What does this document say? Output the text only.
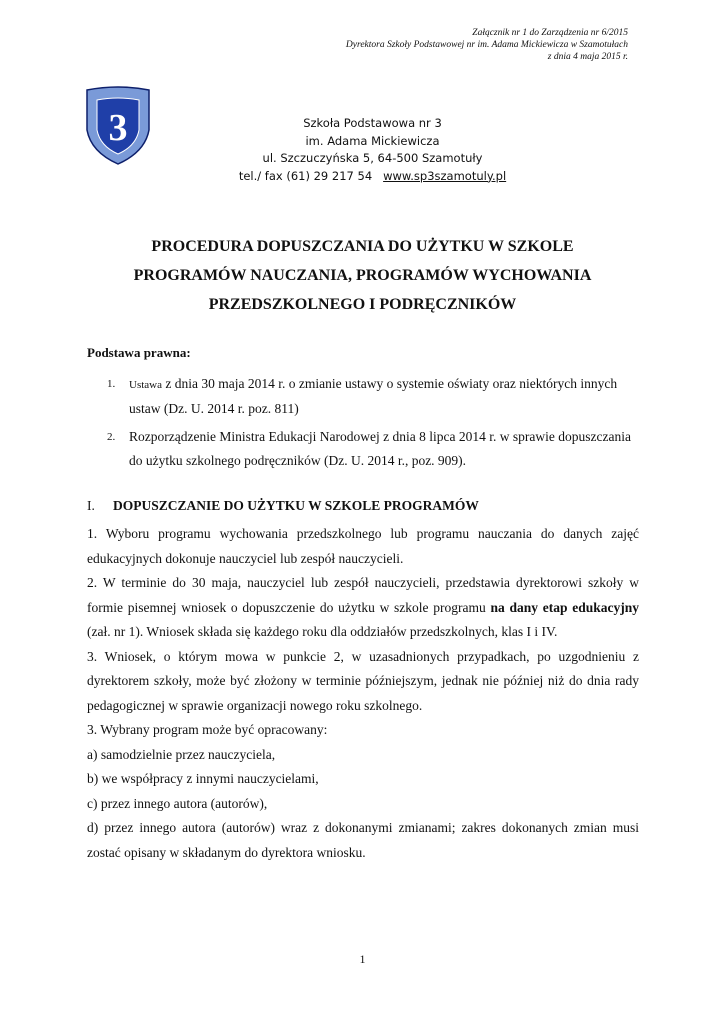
Załącznik nr 1 do Zarządzenia nr 6/2015
Dyrektora Szkoły Podstawowej nr im. Adama Mickiewicza w Szamotułach
z dnia 4 maja 2015 r.
3	Szkoła Podstawowa nr 3
im. Adama Mickiewicza
ul. Szczuczyńska 5, 64-500 Szamotuły
tel./ fax (61) 29 217 54 www.sp3szamotuly.pl
PROCEDURA DOPUSZCZANIA DO UŻYTKU W SZKOLE
PROGRAMÓW NAUCZANIA, PROGRAMÓW WYCHOWANIA
PRZEDSZKOLNEGO I PODRĘCZNIKÓW
Podstawa prawna:
1. Ustawa z dnia 30 maja 2014 r. o zmianie ustawy o systemie oświaty oraz niektórych innych ustaw (Dz. U. 2014 r. poz. 811)
2. Rozporządzenie Ministra Edukacji Narodowej z dnia 8 lipca 2014 r. w sprawie dopuszczania do użytku szkolnego podręczników (Dz. U. 2014 r., poz. 909).
I. DOPUSZCZANIE DO UŻYTKU W SZKOLE PROGRAMÓW

1. Wyboru programu wychowania przedszkolnego lub programu nauczania do danych zajęć edukacyjnych dokonuje nauczyciel lub zespół nauczycieli.

2. W terminie do 30 maja, nauczyciel lub zespół nauczycieli, przedstawia dyrektorowi szkoły w formie pisemnej wniosek o dopuszczenie do użytku w szkole programu na dany etap edukacyjny (zał. nr 1). Wniosek składa się każdego roku dla oddziałów przedszkolnych, klas I i IV.

3. Wniosek, o którym mowa w punkcie 2, w uzasadnionych przypadkach, po uzgodnieniu z dyrektorem szkoły, może być złożony w terminie późniejszym, jednak nie później niż do dnia rady pedagogicznej w sprawie organizacji nowego roku szkolnego.

3. Wybrany program może być opracowany:

a) samodzielnie przez nauczyciela,

b) we współpracy z innymi nauczycielami,

c) przez innego autora (autorów),

d) przez innego autora (autorów) wraz z dokonanymi zmianami; zakres dokonanych zmian musi zostać opisany w składanym do dyrektora wniosku.

1
